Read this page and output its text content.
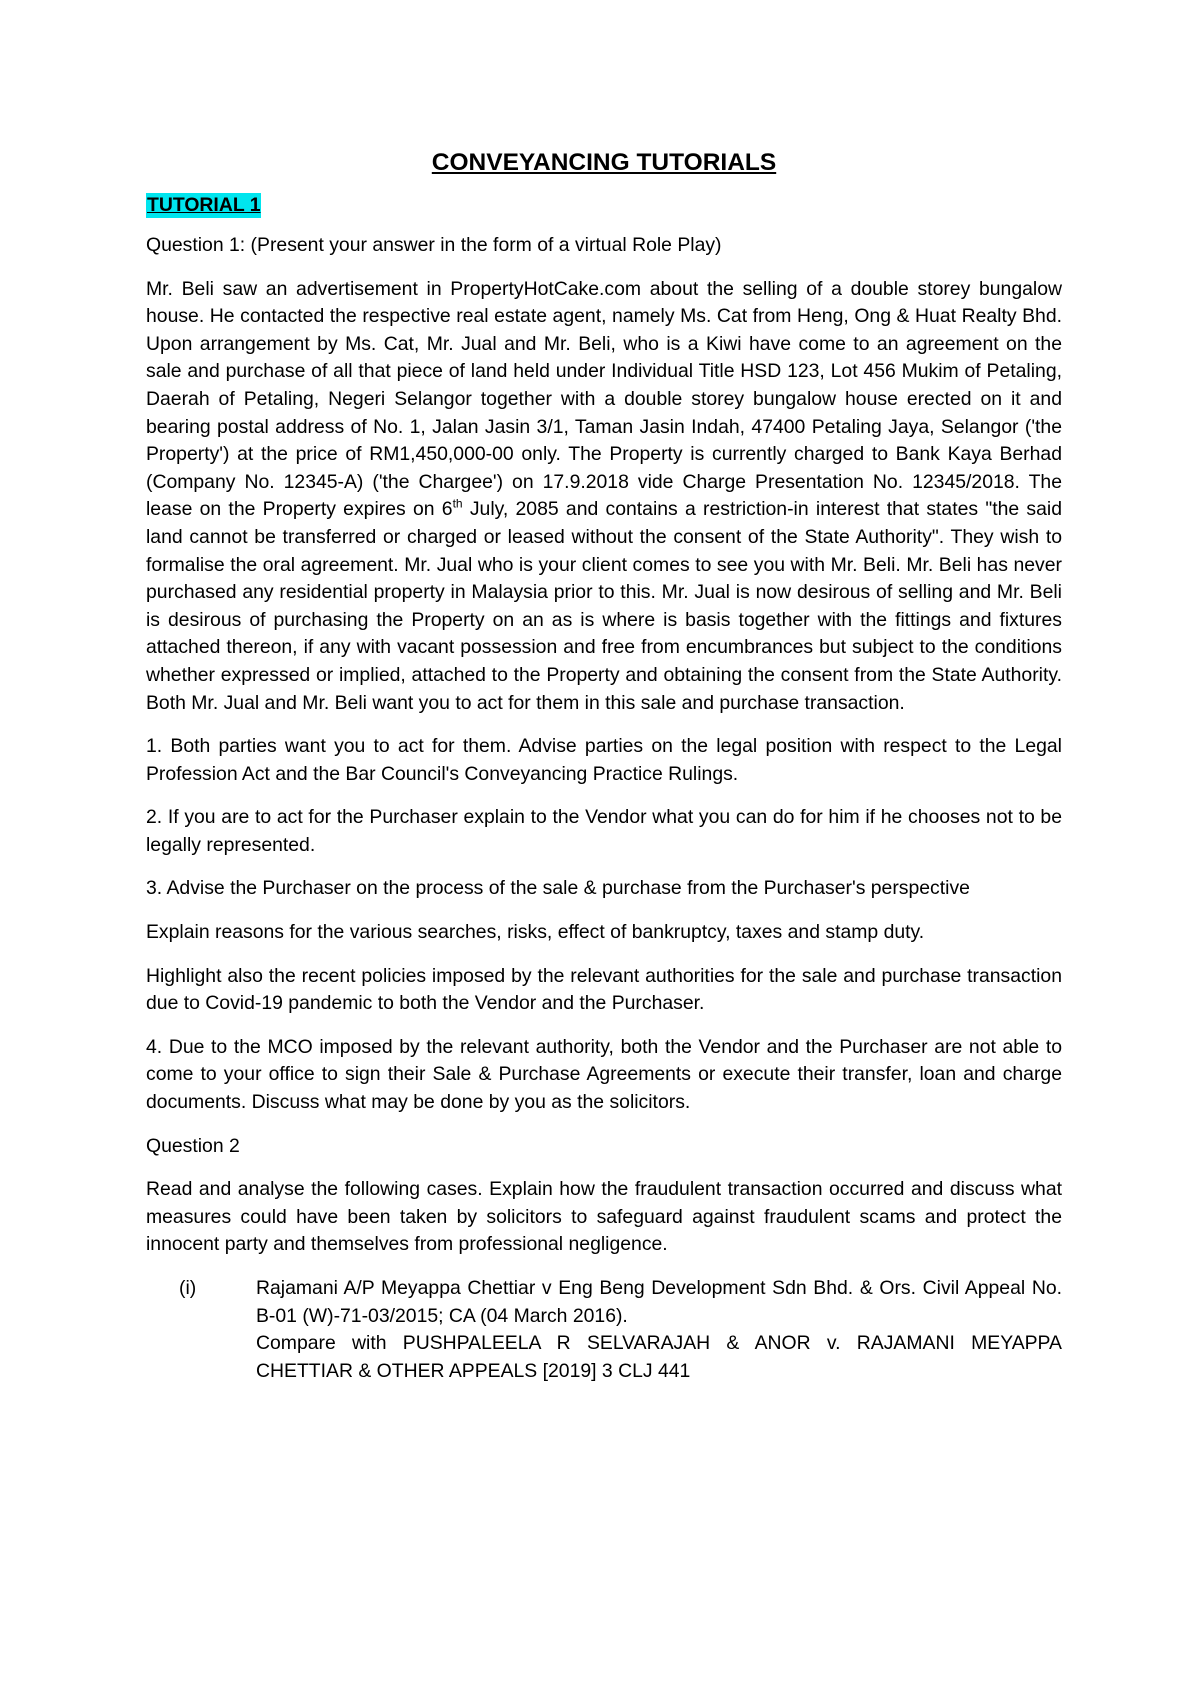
CONVEYANCING TUTORIALS
TUTORIAL 1

Question 1: (Present your answer in the form of a virtual Role Play)

Mr. Beli saw an advertisement in PropertyHotCake.com about the selling of a double storey bungalow house. He contacted the respective real estate agent, namely Ms. Cat from Heng, Ong & Huat Realty Bhd. Upon arrangement by Ms. Cat, Mr. Jual and Mr. Beli, who is a Kiwi have come to an agreement on the sale and purchase of all that piece of land held under Individual Title HSD 123, Lot 456 Mukim of Petaling, Daerah of Petaling, Negeri Selangor together with a double storey bungalow house erected on it and bearing postal address of No. 1, Jalan Jasin 3/1, Taman Jasin Indah, 47400 Petaling Jaya, Selangor ('the Property') at the price of RM1,450,000-00 only. The Property is currently charged to Bank Kaya Berhad (Company No. 12345-A) ('the Chargee') on 17.9.2018 vide Charge Presentation No. 12345/2018. The lease on the Property expires on 6th July, 2085 and contains a restriction-in interest that states "the said land cannot be transferred or charged or leased without the consent of the State Authority". They wish to formalise the oral agreement. Mr. Jual who is your client comes to see you with Mr. Beli. Mr. Beli has never purchased any residential property in Malaysia prior to this. Mr. Jual is now desirous of selling and Mr. Beli is desirous of purchasing the Property on an as is where is basis together with the fittings and fixtures attached thereon, if any with vacant possession and free from encumbrances but subject to the conditions whether expressed or implied, attached to the Property and obtaining the consent from the State Authority. Both Mr. Jual and Mr. Beli want you to act for them in this sale and purchase transaction.

1. Both parties want you to act for them. Advise parties on the legal position with respect to the Legal Profession Act and the Bar Council's Conveyancing Practice Rulings.

2. If you are to act for the Purchaser explain to the Vendor what you can do for him if he chooses not to be legally represented.

3. Advise the Purchaser on the process of the sale & purchase from the Purchaser's perspective

Explain reasons for the various searches, risks, effect of bankruptcy, taxes and stamp duty.

Highlight also the recent policies imposed by the relevant authorities for the sale and purchase transaction due to Covid-19 pandemic to both the Vendor and the Purchaser.

4. Due to the MCO imposed by the relevant authority, both the Vendor and the Purchaser are not able to come to your office to sign their Sale & Purchase Agreements or execute their transfer, loan and charge documents. Discuss what may be done by you as the solicitors.

Question 2

Read and analyse the following cases. Explain how the fraudulent transaction occurred and discuss what measures could have been taken by solicitors to safeguard against fraudulent scams and protect the innocent party and themselves from professional negligence.

(i)	Rajamani A/P Meyappa Chettiar v Eng Beng Development Sdn Bhd. & Ors. Civil Appeal No. B-01 (W)-71-03/2015; CA (04 March 2016).
Compare with PUSHPALEELA R SELVARAJAH & ANOR v. RAJAMANI MEYAPPA CHETTIAR & OTHER APPEALS [2019] 3 CLJ 441
